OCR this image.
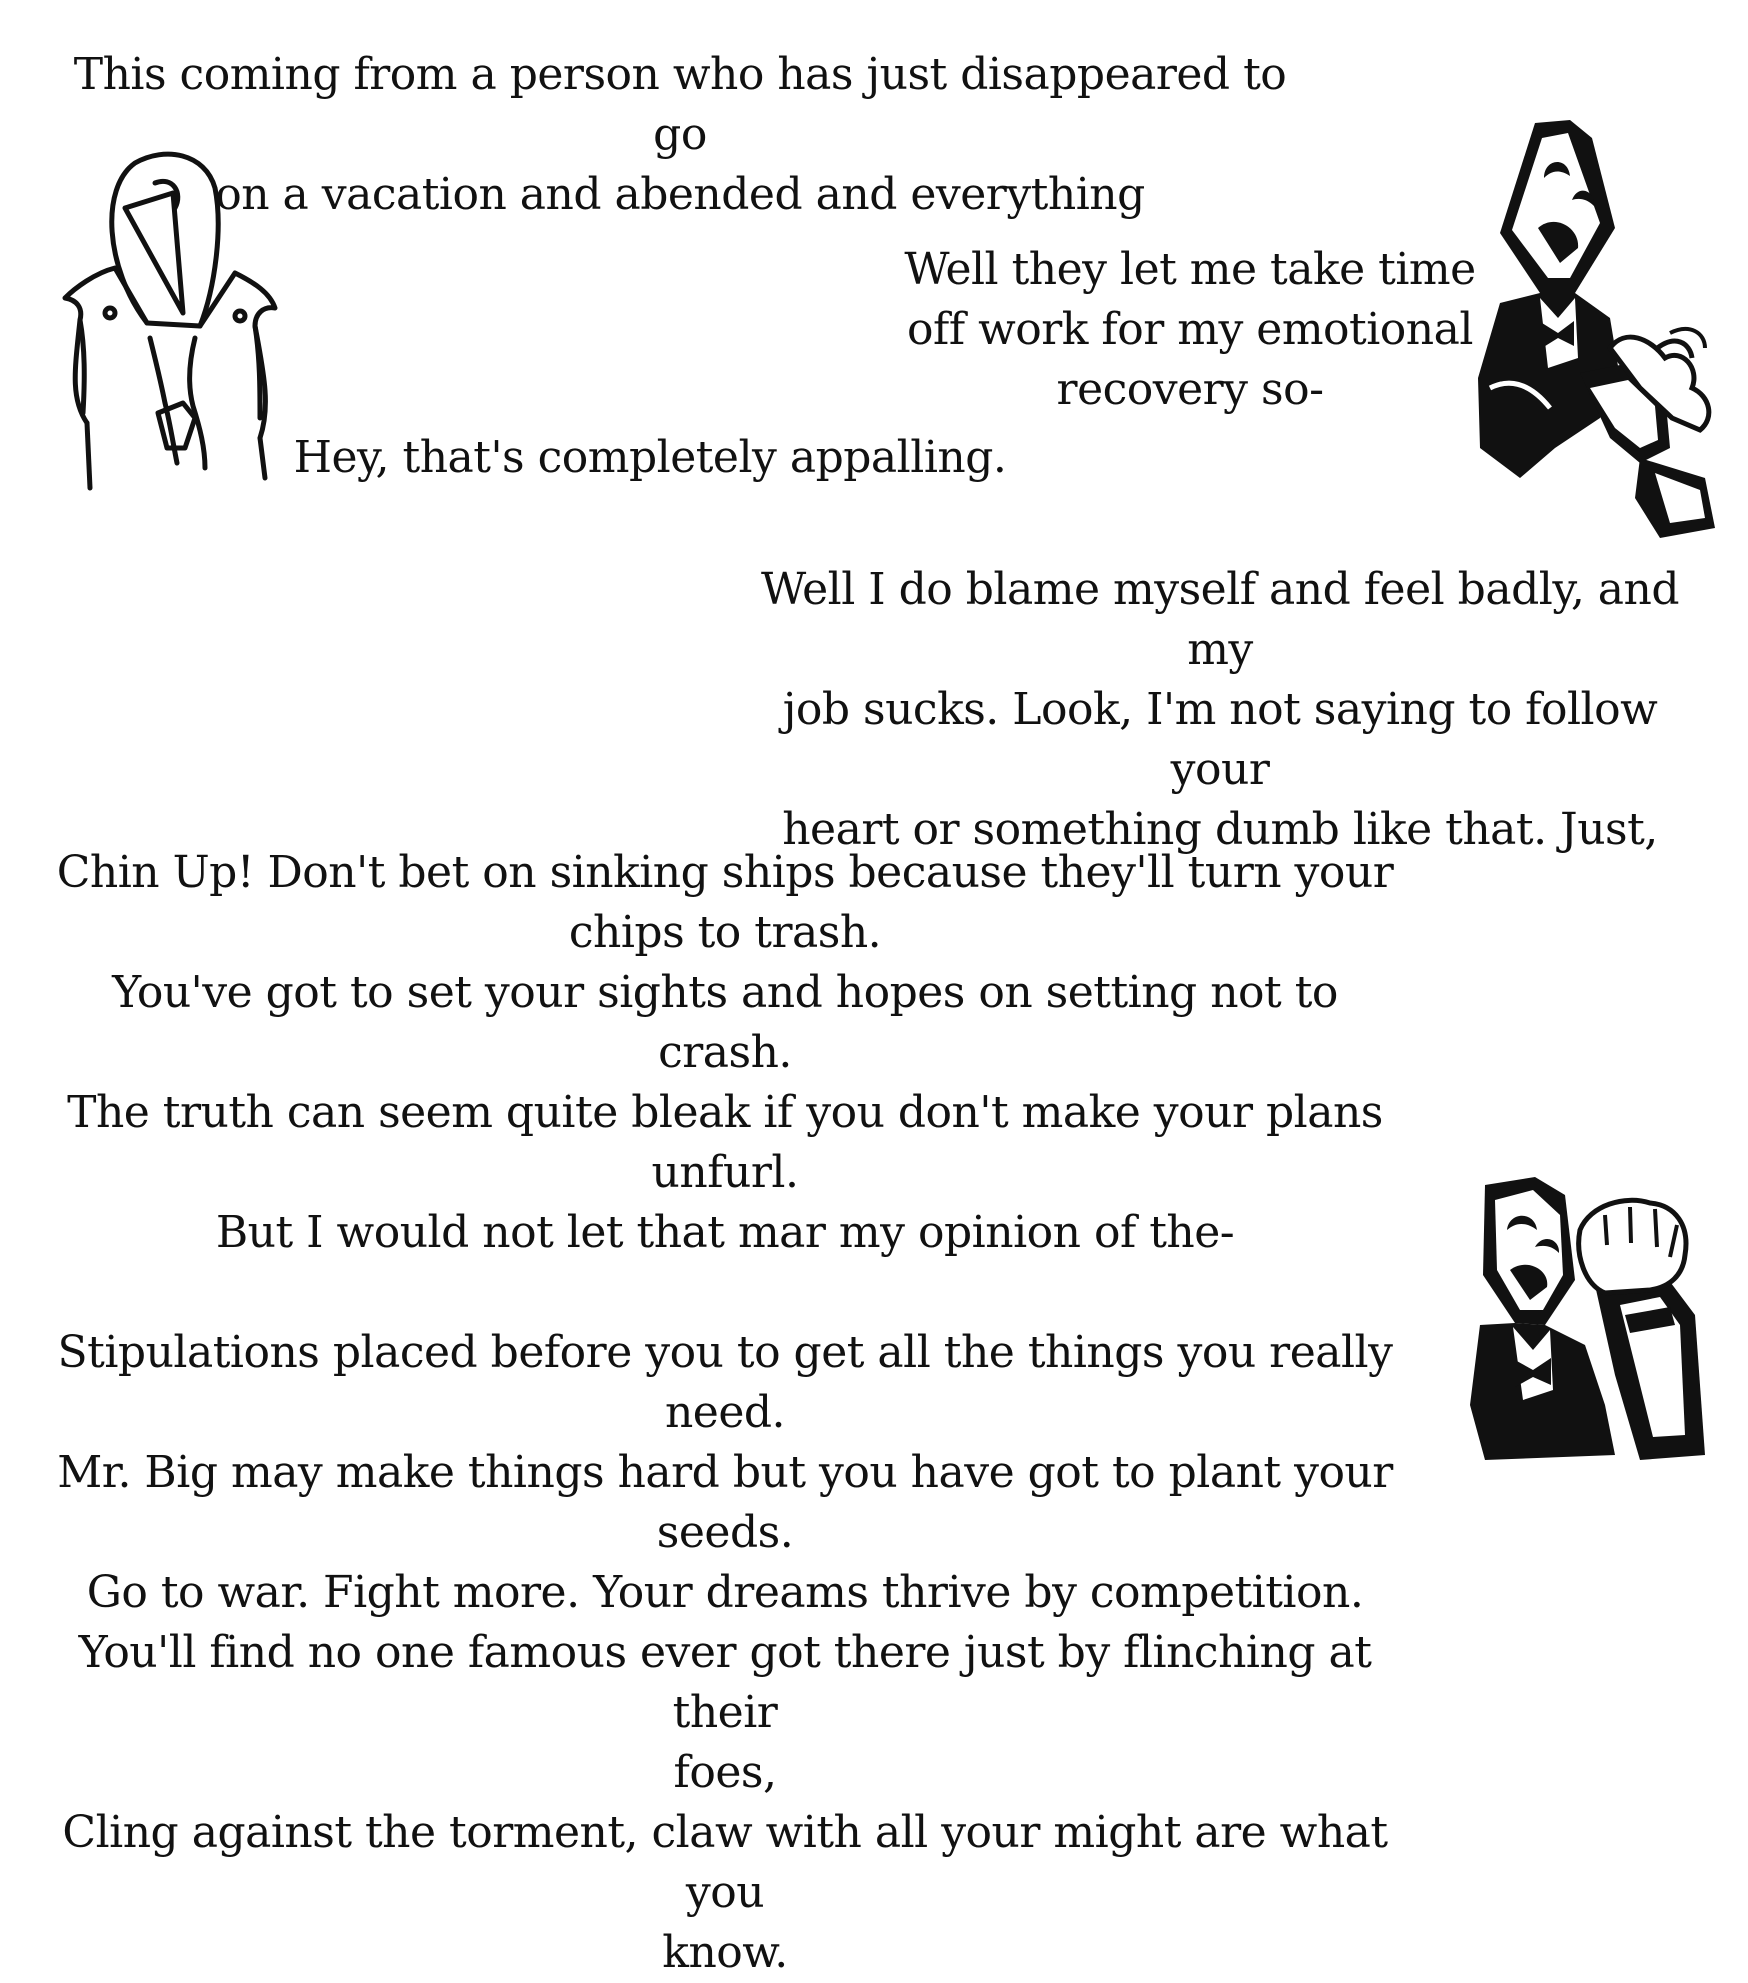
This coming from a person who has just disappeared to go
on a vacation and abended and everything
Well they let me take time
off work for my emotional
recovery so-
Hey, that's completely appalling.
Well I do blame myself and feel badly, and my
job sucks. Look, I'm not saying to follow your
heart or something dumb like that. Just,
Chin Up! Don't bet on sinking ships because they'll turn your
chips to trash.
You've got to set your sights and hopes on setting not to crash.
The truth can seem quite bleak if you don't make your plans
unfurl.
But I would not let that mar my opinion of the-

Stipulations placed before you to get all the things you really need.
Mr. Big may make things hard but you have got to plant your
seeds.
Go to war. Fight more. Your dreams thrive by competition.
You'll find no one famous ever got there just by flinching at their
foes,
Cling against the torment, claw with all your might are what you
know.
